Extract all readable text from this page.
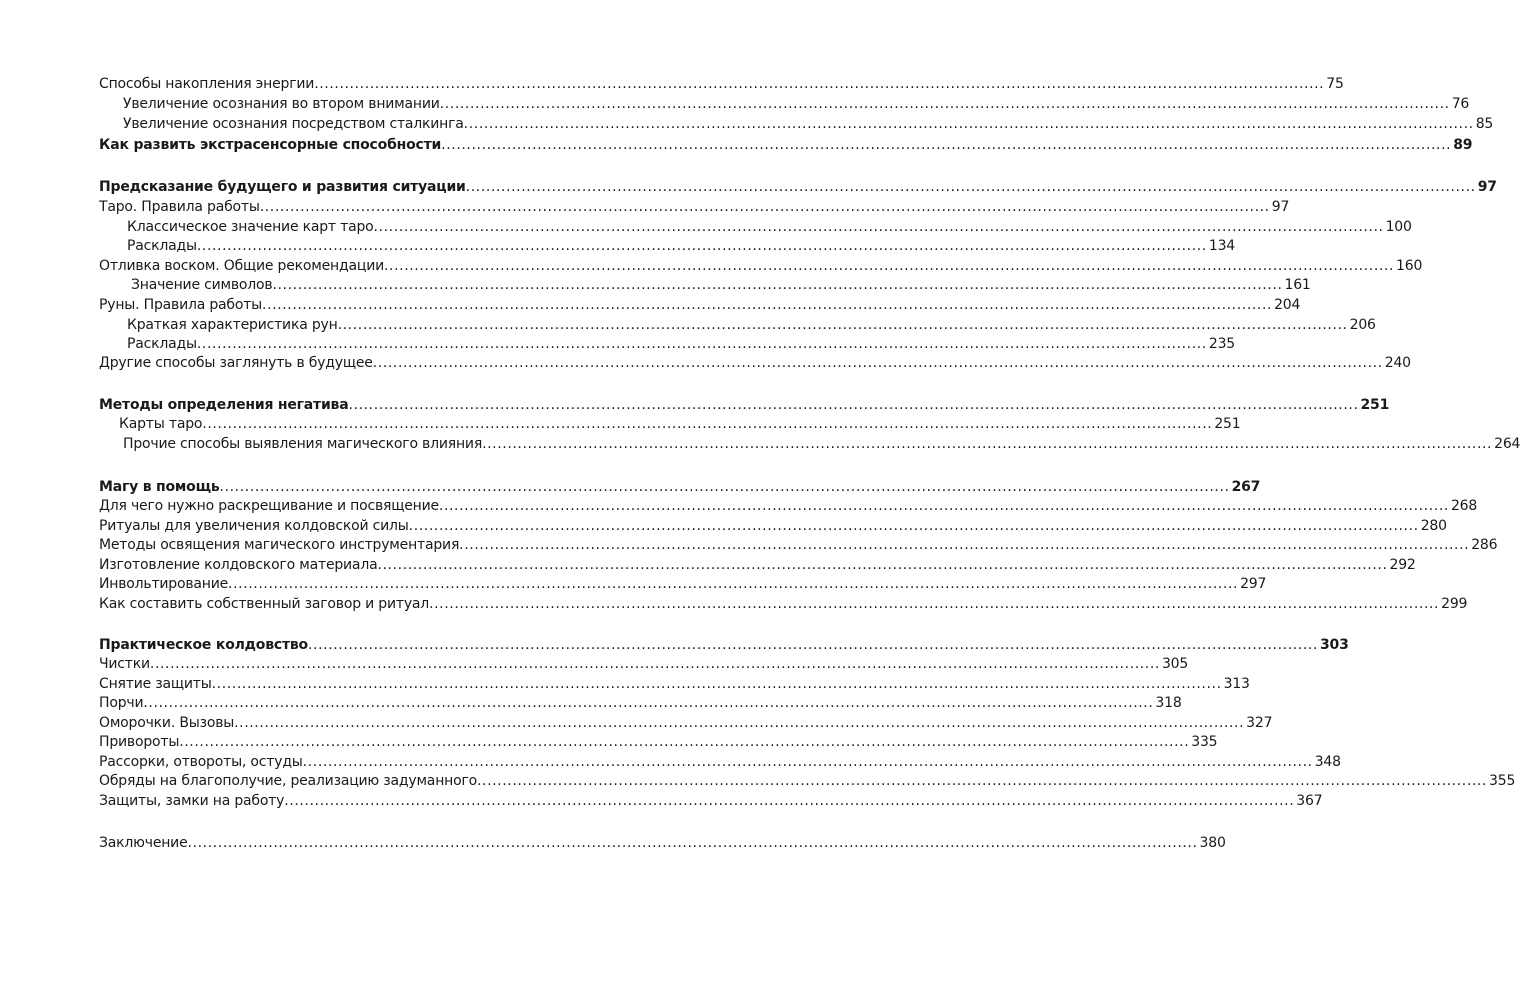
Способы накопления энергии ........................................................................................................................................................................................................ 75
Увеличение осознания во втором внимании ........................................................................................................................................................................................................ 76
Увеличение осознания посредством сталкинга ........................................................................................................................................................................................................ 85
Как развить экстрасенсорные способности ........................................................................................................................................................................................................ 89
Предсказание будущего и развития ситуации ........................................................................................................................................................................................................ 97
Таро. Правила работы ........................................................................................................................................................................................................ 97
Классическое значение карт таро ........................................................................................................................................................................................................ 100
Расклады ........................................................................................................................................................................................................ 134
Отливка воском. Общие рекомендации ........................................................................................................................................................................................................ 160
Значение символов ........................................................................................................................................................................................................ 161
Руны. Правила работы ........................................................................................................................................................................................................ 204
Краткая характеристика рун ........................................................................................................................................................................................................ 206
Расклады ........................................................................................................................................................................................................ 235
Другие способы заглянуть в будущее ........................................................................................................................................................................................................ 240
Методы определения негатива ........................................................................................................................................................................................................ 251
Карты таро ........................................................................................................................................................................................................ 251
Прочие способы выявления магического влияния ........................................................................................................................................................................................................ 264
Магу в помощь ........................................................................................................................................................................................................ 267
Для чего нужно раскрещивание и посвящение ........................................................................................................................................................................................................ 268
Ритуалы для увеличения колдовской силы ........................................................................................................................................................................................................ 280
Методы освящения магического инструментария ........................................................................................................................................................................................................ 286
Изготовление колдовского материала ........................................................................................................................................................................................................ 292
Инвольтирование ........................................................................................................................................................................................................ 297
Как составить собственный заговор и ритуал ........................................................................................................................................................................................................ 299
Практическое колдовство ........................................................................................................................................................................................................ 303
Чистки ........................................................................................................................................................................................................ 305
Снятие защиты ........................................................................................................................................................................................................ 313
Порчи ........................................................................................................................................................................................................ 318
Оморочки. Вызовы ........................................................................................................................................................................................................ 327
Привороты ........................................................................................................................................................................................................ 335
Рассорки, отвороты, остуды ........................................................................................................................................................................................................ 348
Обряды на благополучие, реализацию задуманного ........................................................................................................................................................................................................ 355
Защиты, замки на работу ........................................................................................................................................................................................................ 367
Заключение ........................................................................................................................................................................................................ 380
